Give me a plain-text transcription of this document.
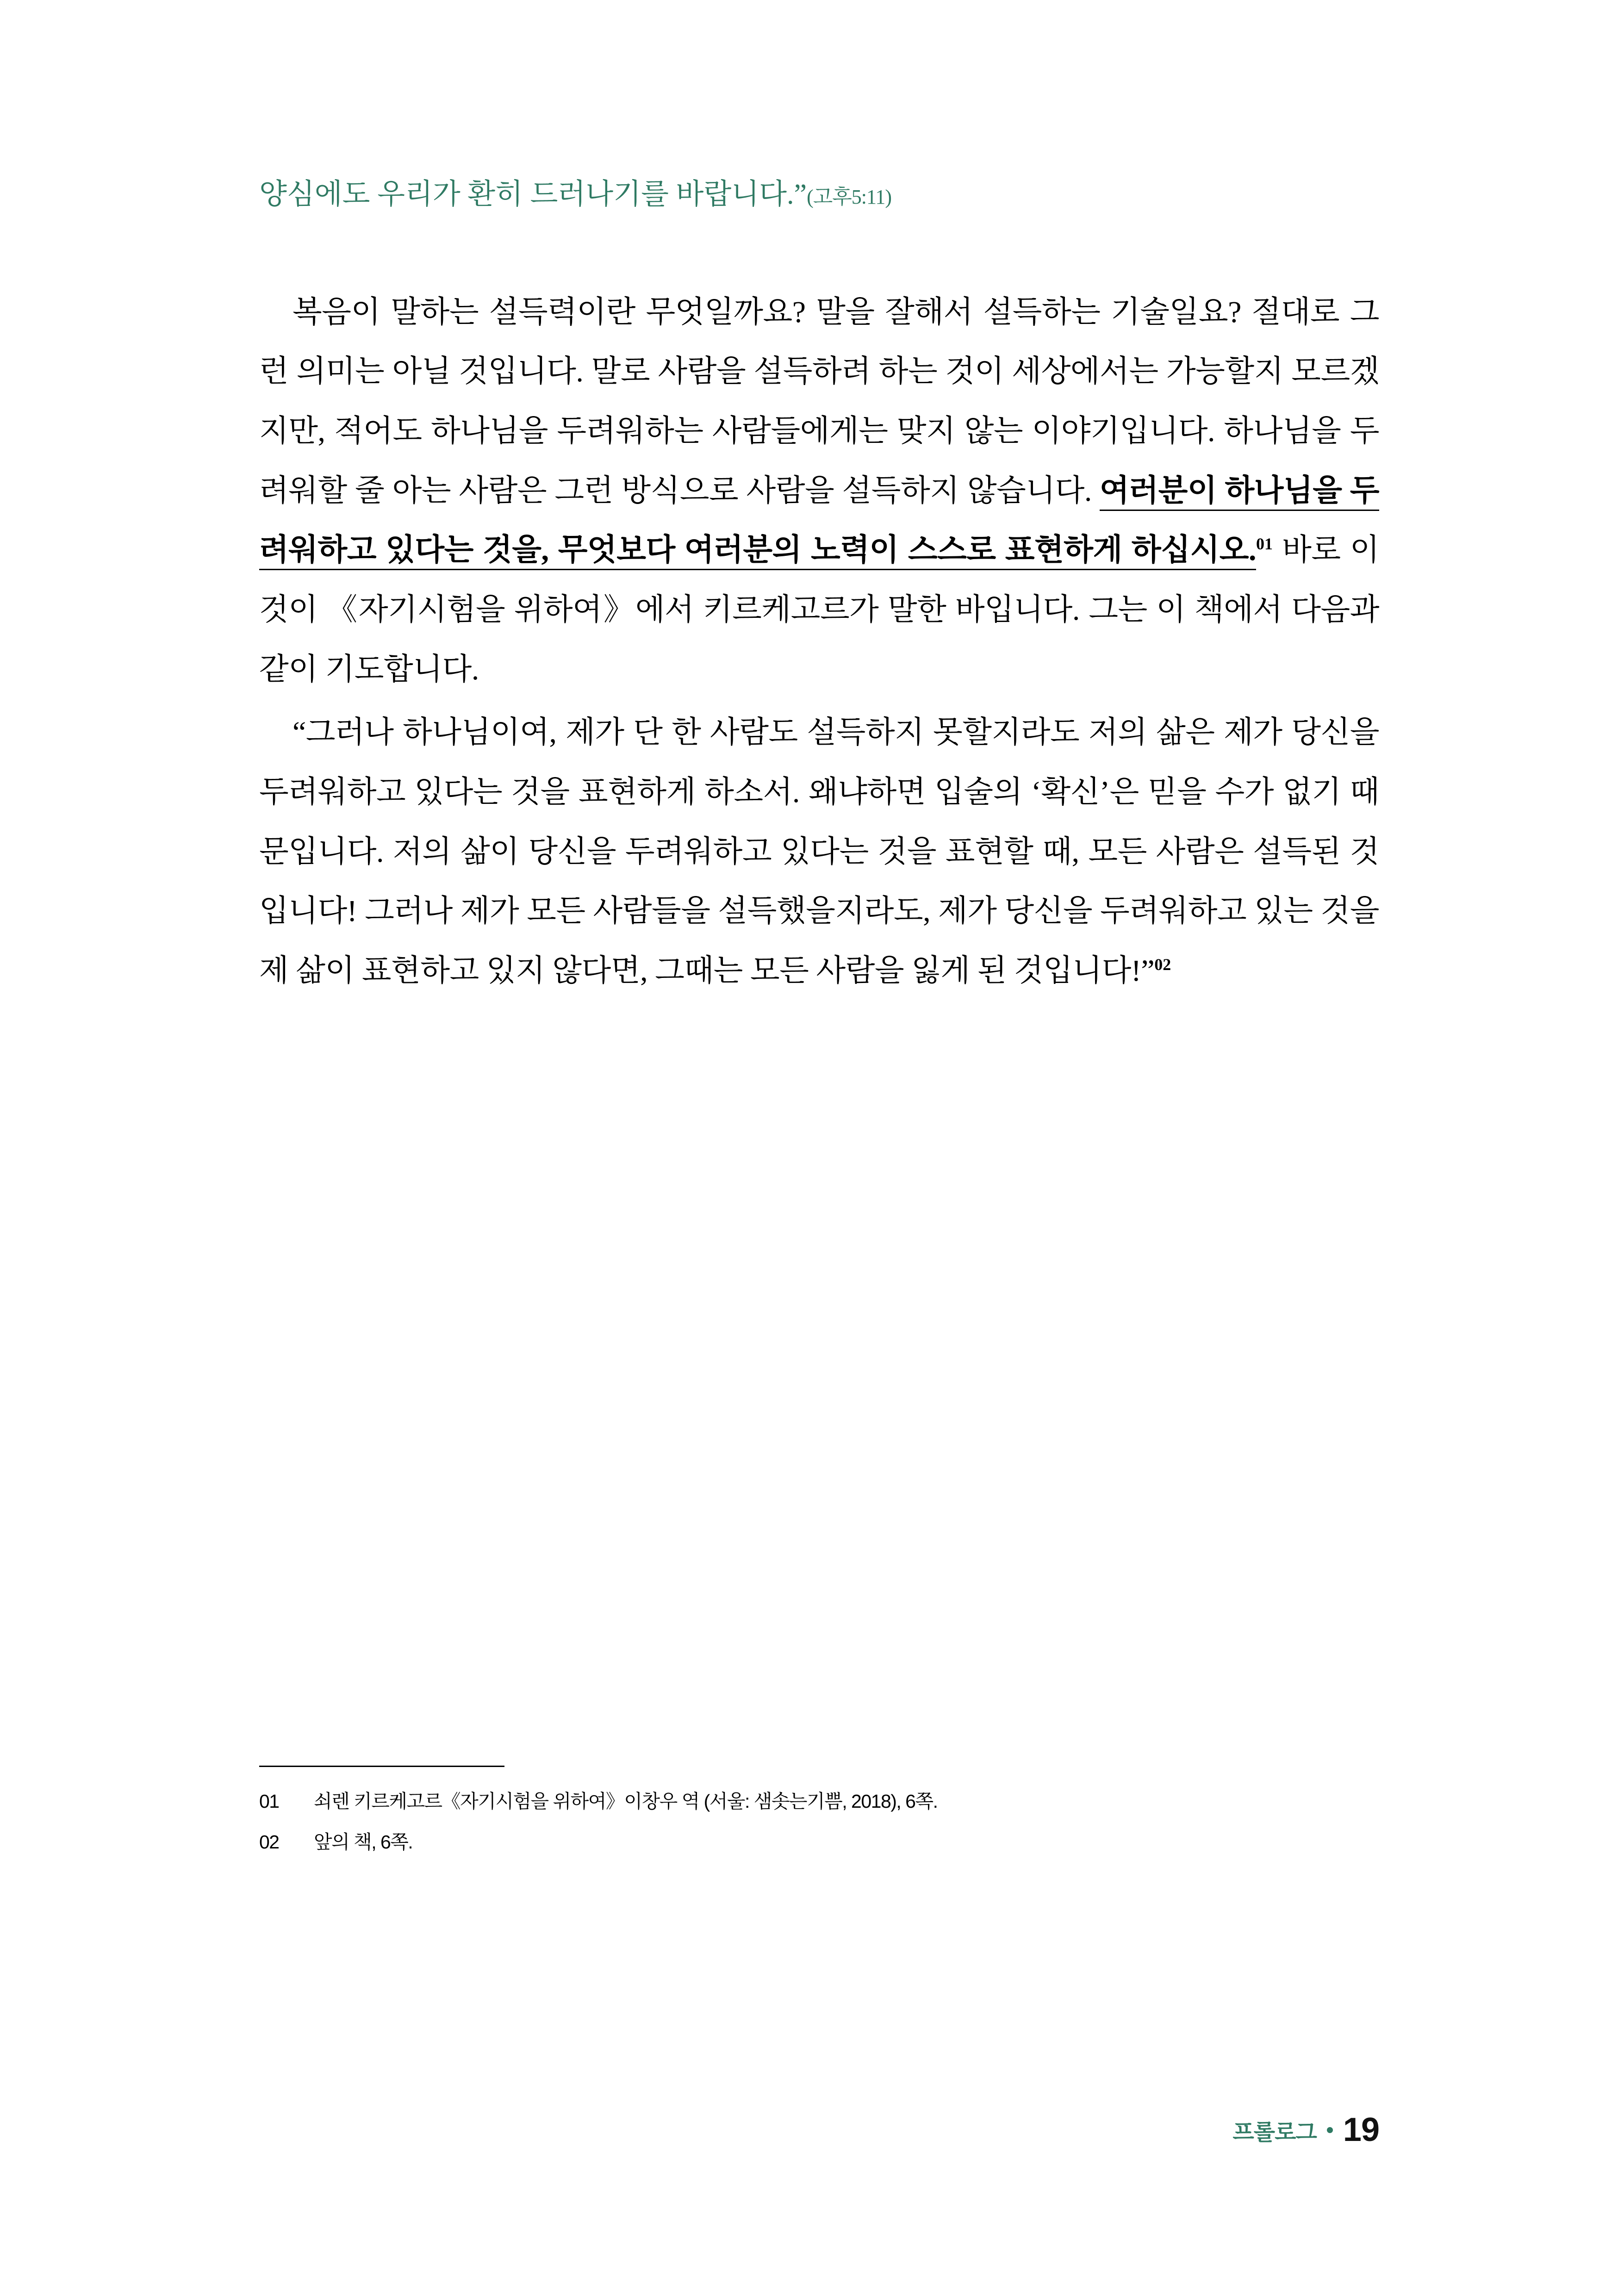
양심에도 우리가 환히 드러나기를 바랍니다.”(고후5:11)

복음이 말하는 설득력이란 무엇일까요? 말을 잘해서 설득하는 기술일요? 절대로 그런 의미는 아닐 것입니다. 말로 사람을 설득하려 하는 것이 세상에서는 가능할지 모르겠지만, 적어도 하나님을 두려워하는 사람들에게는 맞지 않는 이야기입니다. 하나님을 두려워할 줄 아는 사람은 그런 방식으로 사람을 설득하지 않습니다. 여러분이 하나님을 두려워하고 있다는 것을, 무엇보다 여러분의 노력이 스스로 표현하게 하십시오.$^{01}$ 바로 이것이 《자기시험을 위하여》에서 키르케고르가 말한 바입니다. 그는 이 책에서 다음과 같이 기도합니다.

“그러나 하나님이여, 제가 단 한 사람도 설득하지 못할지라도 저의 삶은 제가 당신을 두려워하고 있다는 것을 표현하게 하소서. 왜냐하면 입술의 ‘확신’은 믿을 수가 없기 때문입니다. 저의 삶이 당신을 두려워하고 있다는 것을 표현할 때, 모든 사람은 설득된 것입니다! 그러나 제가 모든 사람들을 설득했을지라도, 제가 당신을 두려워하고 있는 것을 제 삶이 표현하고 있지 않다면, 그때는 모든 사람을 잃게 된 것입니다!”$^{02}$

01	쇠렌 키르케고르《자기시험을 위하여》이창우 역 (서울: 샘솟는기쁨, 2018), 6쪽.
02	앞의 책, 6쪽.
프롤로그 19
